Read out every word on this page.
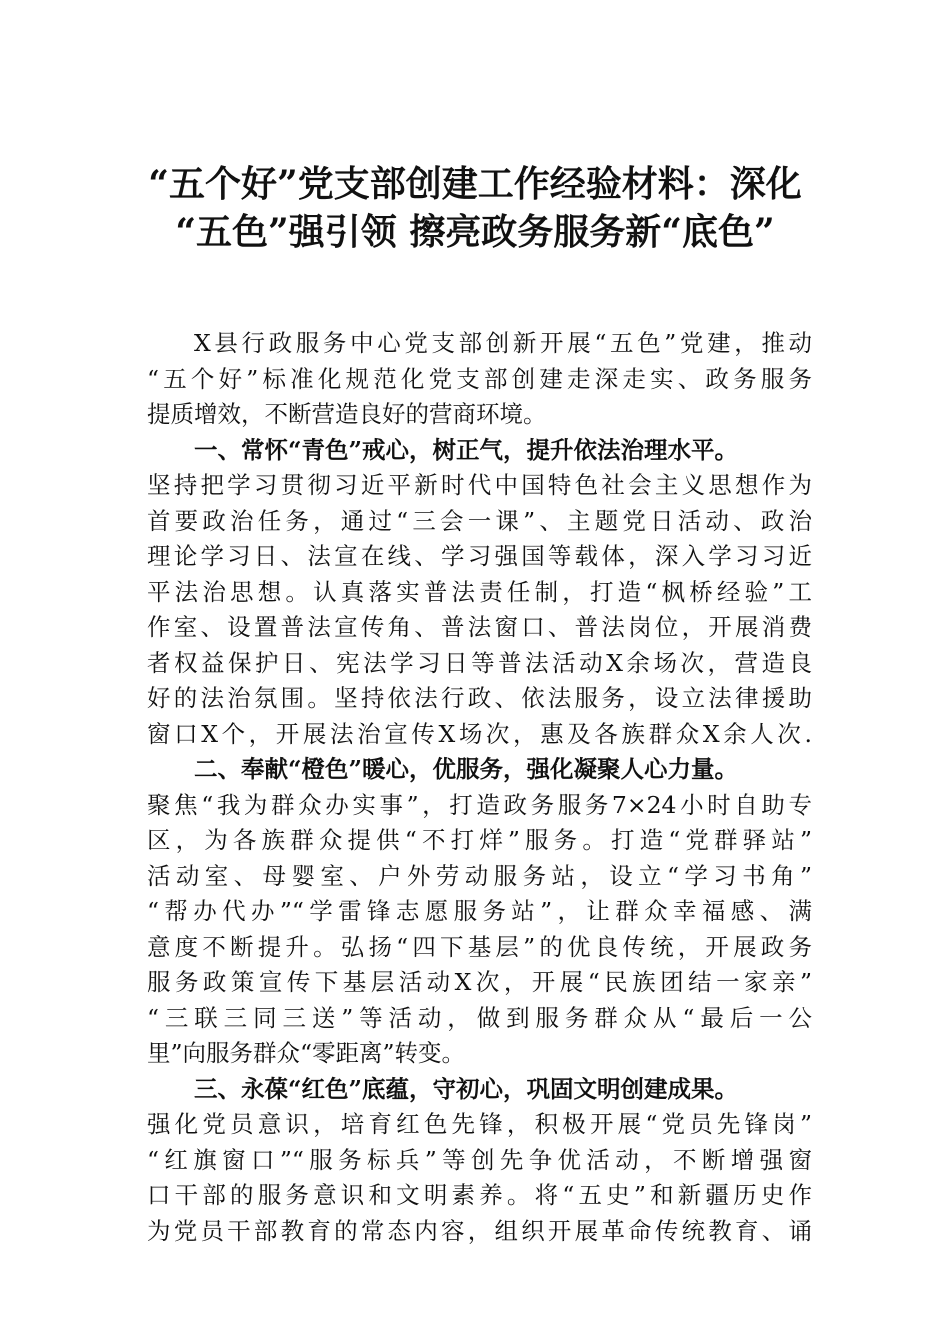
“五个好”党支部创建工作经验材料：深化
“五色”强引领 擦亮政务服务新“底色”
X县行政服务中心党支部创新开展“五色”党建，推动
“五个好”标准化规范化党支部创建走深走实、政务服务
提质增效，不断营造良好的营商环境。
一、常怀“青色”戒心，树正气，提升依法治理水平。
坚持把学习贯彻习近平新时代中国特色社会主义思想作为
首要政治任务，通过“三会一课”、主题党日活动、政治
理论学习日、法宣在线、学习强国等载体，深入学习习近
平法治思想。认真落实普法责任制，打造“枫桥经验”工
作室、设置普法宣传角、普法窗口、普法岗位，开展消费
者权益保护日、宪法学习日等普法活动X余场次，营造良
好的法治氛围。坚持依法行政、依法服务，设立法律援助
窗口X个，开展法治宣传X场次，惠及各族群众X余人次.
二、奉献“橙色”暖心，优服务，强化凝聚人心力量。
聚焦“我为群众办实事”，打造政务服务7×24小时自助专
区，为各族群众提供“不打烊”服务。打造“党群驿站”
活动室、母婴室、户外劳动服务站，设立“学习书角”
“帮办代办”“学雷锋志愿服务站”，让群众幸福感、满
意度不断提升。弘扬“四下基层”的优良传统，开展政务
服务政策宣传下基层活动X次，开展“民族团结一家亲”
“三联三同三送”等活动，做到服务群众从“最后一公
里”向服务群众“零距离”转变。
三、永葆“红色”底蕴，守初心，巩固文明创建成果。
强化党员意识，培育红色先锋，积极开展“党员先锋岗”
“红旗窗口”“服务标兵”等创先争优活动，不断增强窗
口干部的服务意识和文明素养。将“五史”和新疆历史作
为党员干部教育的常态内容，组织开展革命传统教育、诵
